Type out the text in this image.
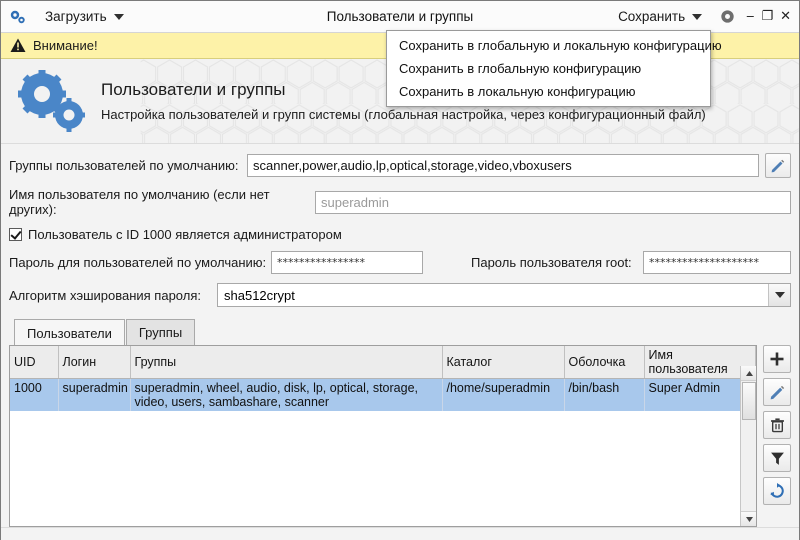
Загрузить	Пользователи и группы	Сохранить	‒ ❐ ✕
Сохранить в глобальную и локальную конфигурацию
Сохранить в глобальную конфигурацию
Сохранить в локальную конфигурацию
Внимание!
Пользователи и группы
Настройка пользователей и групп системы (глобальная настройка, через конфигурационный файл)
Группы пользователей по умолчанию:	scanner,power,audio,lp,optical,storage,video,vboxusers
Имя пользователя по умолчанию (если нет других):	superadmin
Пользователь с ID 1000 является администратором
Пароль для пользователей по умолчанию: ****************	Пароль пользователя root:	********************
Алгоритм хэширования пароля:	sha512crypt
Пользователи	Группы
UID	Логин	Группы	Каталог	Оболочка	Имя пользователя
1000	superadmin	superadmin, wheel, audio, disk, lp, optical, storage, video, users, sambashare, scanner	/home/superadmin	/bin/bash	Super Admin
